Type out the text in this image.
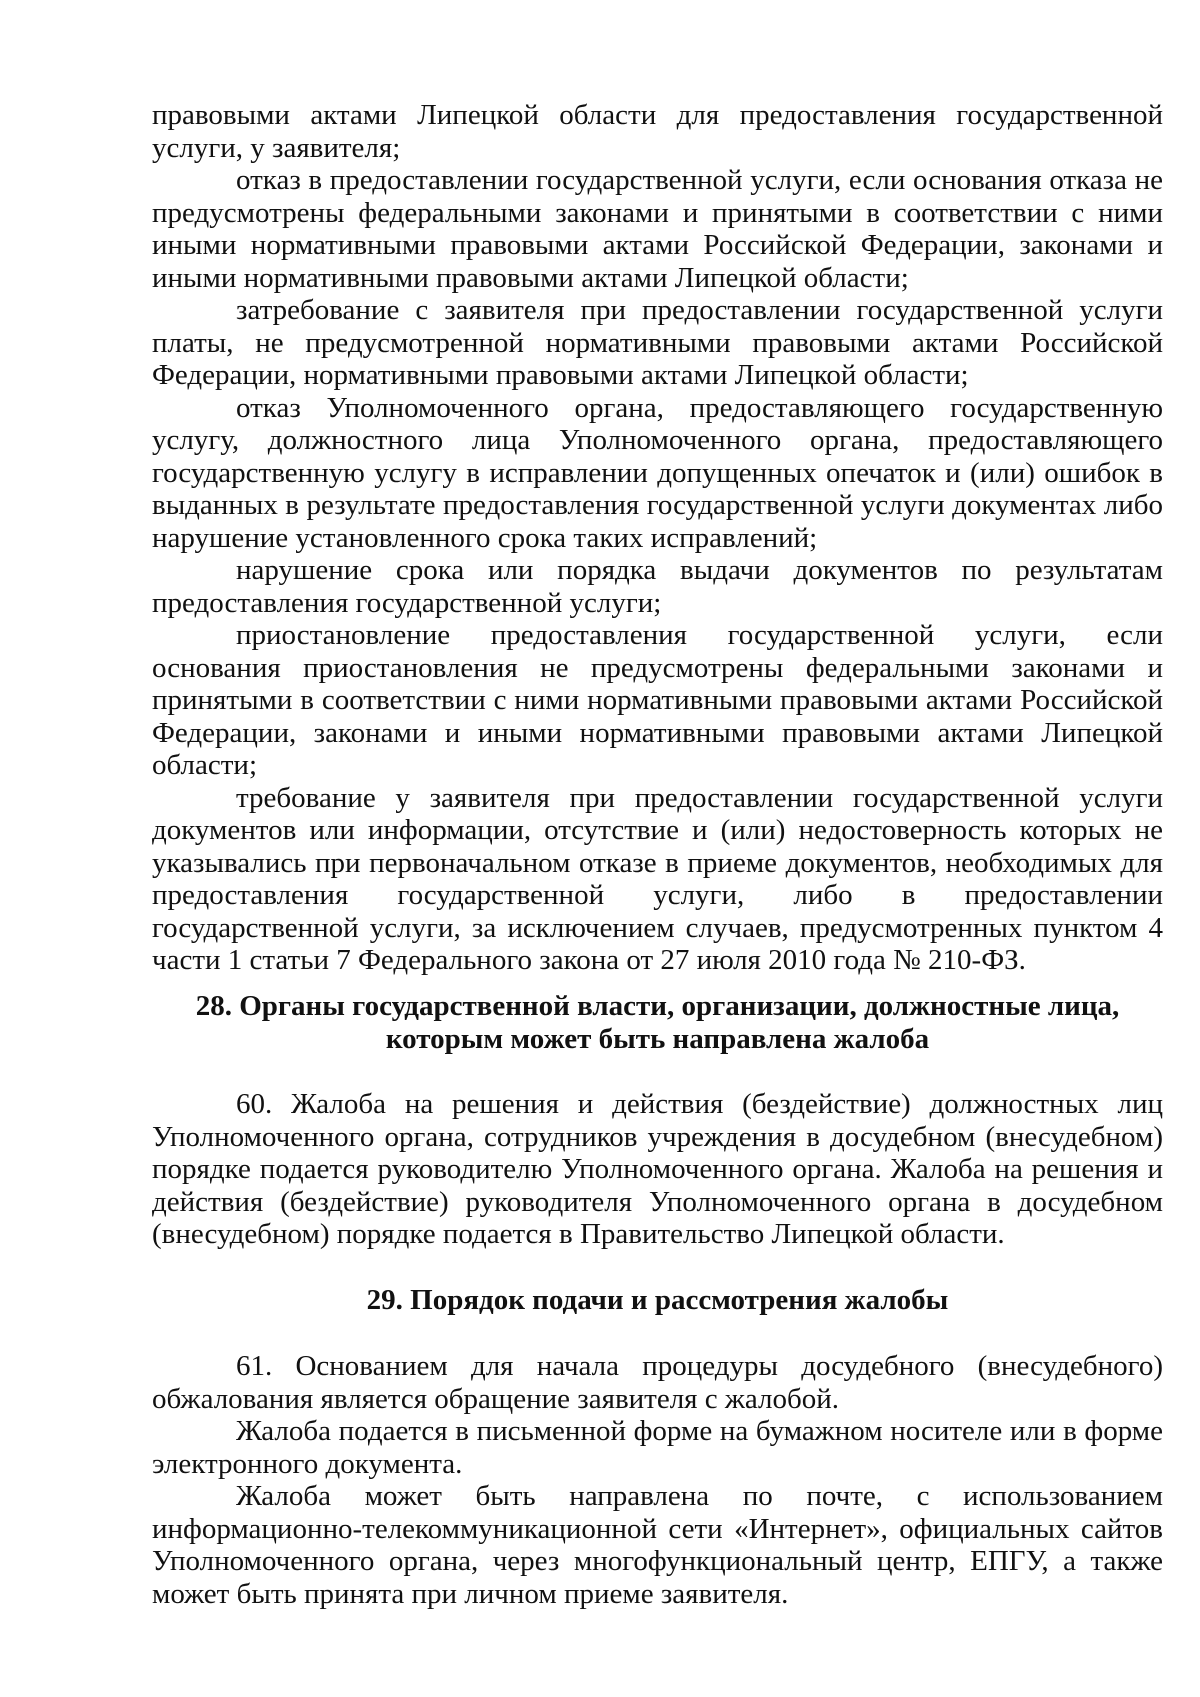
правовыми актами Липецкой области для предоставления государственной услуги, у заявителя;

отказ в предоставлении государственной услуги, если основания отказа не предусмотрены федеральными законами и принятыми в соответствии с ними иными нормативными правовыми актами Российской Федерации, законами и иными нормативными правовыми актами Липецкой области;

затребование с заявителя при предоставлении государственной услуги платы, не предусмотренной нормативными правовыми актами Российской Федерации, нормативными правовыми актами Липецкой области;

отказ Уполномоченного органа, предоставляющего государственную услугу, должностного лица Уполномоченного органа, предоставляющего государственную услугу в исправлении допущенных опечаток и (или) ошибок в выданных в результате предоставления государственной услуги документах либо нарушение установленного срока таких исправлений;

нарушение срока или порядка выдачи документов по результатам предоставления государственной услуги;

приостановление предоставления государственной услуги, если основания приостановления не предусмотрены федеральными законами и принятыми в соответствии с ними нормативными правовыми актами Российской Федерации, законами и иными нормативными правовыми актами Липецкой области;

требование у заявителя при предоставлении государственной услуги документов или информации, отсутствие и (или) недостоверность которых не указывались при первоначальном отказе в приеме документов, необходимых для предоставления государственной услуги, либо в предоставлении государственной услуги, за исключением случаев, предусмотренных пунктом 4 части 1 статьи 7 Федерального закона от 27 июля 2010 года № 210-ФЗ.

28. Органы государственной власти, организации, должностные лица,
которым может быть направлена жалоба

60. Жалоба на решения и действия (бездействие) должностных лиц Уполномоченного органа, сотрудников учреждения в досудебном (внесудебном) порядке подается руководителю Уполномоченного органа. Жалоба на решения и действия (бездействие) руководителя Уполномоченного органа в досудебном (внесудебном) порядке подается в Правительство Липецкой области.

29. Порядок подачи и рассмотрения жалобы

61. Основанием для начала процедуры досудебного (внесудебного) обжалования является обращение заявителя с жалобой.

Жалоба подается в письменной форме на бумажном носителе или в форме электронного документа.

Жалоба может быть направлена по почте, с использованием информационно-телекоммуникационной сети «Интернет», официальных сайтов Уполномоченного органа, через многофункциональный центр, ЕПГУ, а также может быть принята при личном приеме заявителя.
